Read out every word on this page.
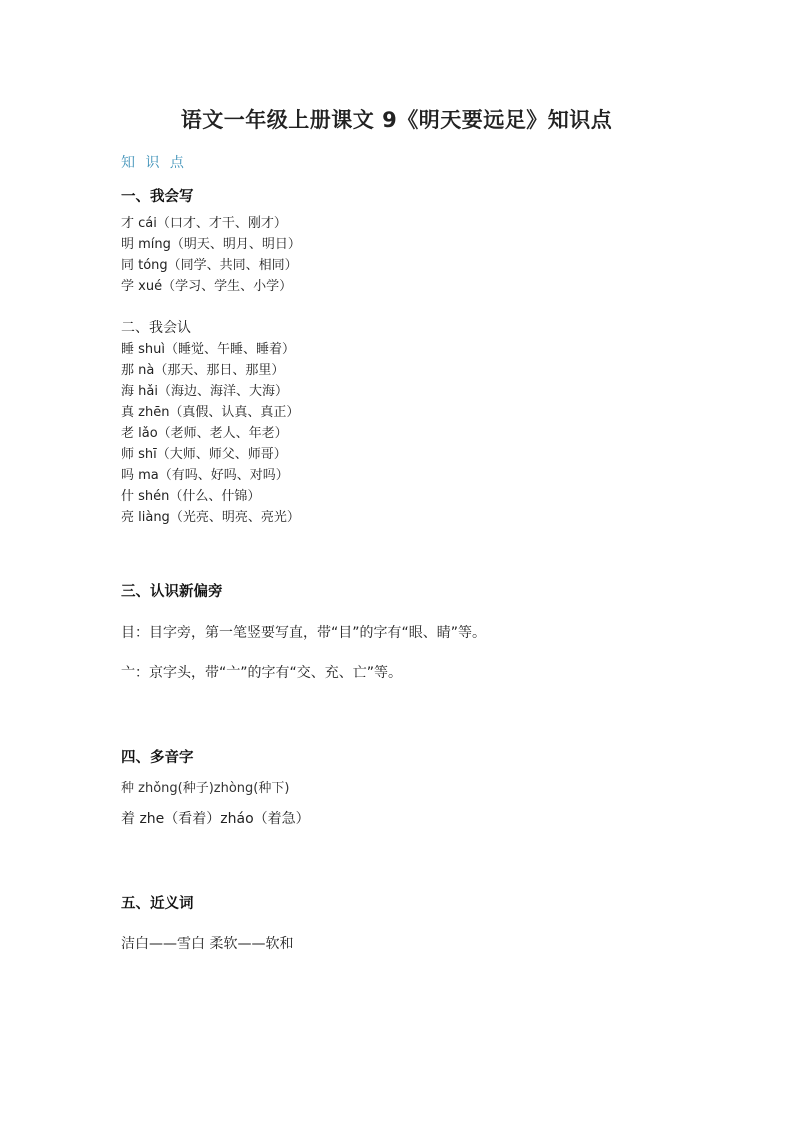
语文一年级上册课文 9《明天要远足》知识点
知 识 点
一、我会写
才 cái（口才、才干、刚才）
明 míng（明天、明月、明日）
同 tóng（同学、共同、相同）
学 xué（学习、学生、小学）
二、我会认
睡 shuì（睡觉、午睡、睡着）
那 nà（那天、那日、那里）
海 hǎi（海边、海洋、大海）
真 zhēn（真假、认真、真正）
老 lǎo（老师、老人、年老）
师 shī（大师、师父、师哥）
吗 ma（有吗、好吗、对吗）
什 shén（什么、什锦）
亮 liàng（光亮、明亮、亮光）
三、认识新偏旁
目：目字旁，第一笔竖要写直，带“目”的字有“眼、睛”等。
亠：京字头，带“亠”的字有“交、充、亡”等。
四、多音字
种 zhǒng(种子)zhòng(种下)
着 zhe（看着）zháo（着急）
五、近义词
洁白——雪白 柔软——软和
